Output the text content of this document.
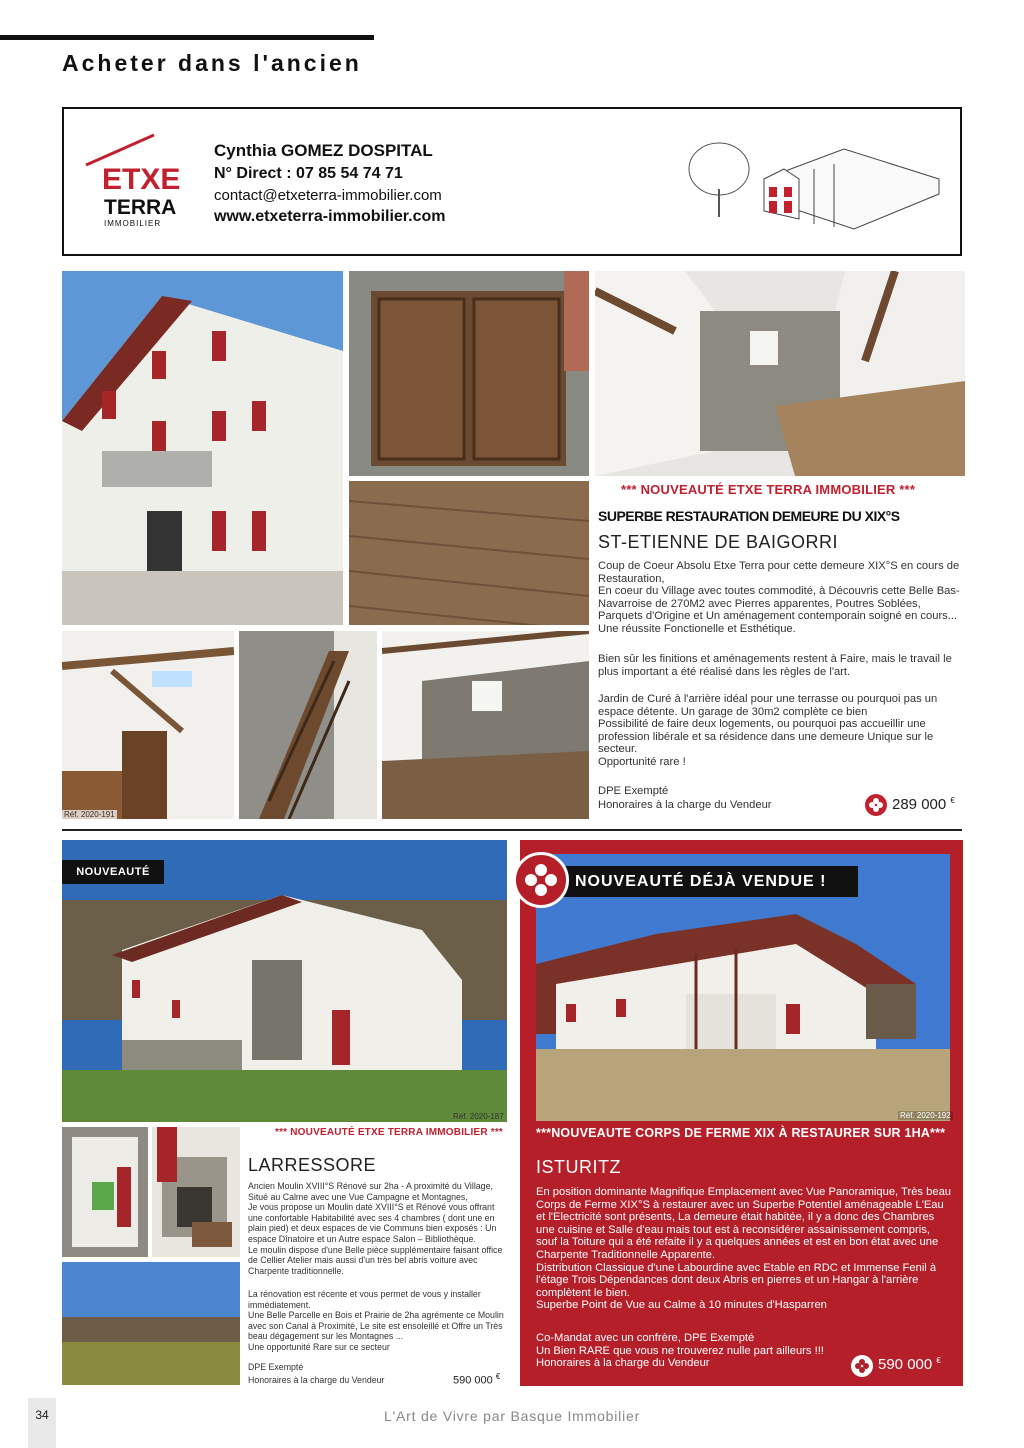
Acheter dans l'ancien
ETXE
TERRA
IMMOBILIER
Cynthia GOMEZ DOSPITAL
N° Direct : 07 85 54 74 71
contact@etxeterra-immobilier.com
www.etxeterra-immobilier.com
Réf. 2020-191
*** NOUVEAUTÉ ETXE TERRA IMMOBILIER ***
SUPERBE RESTAURATION DEMEURE DU XIX°S
ST-ETIENNE DE BAIGORRI
Coup de Coeur Absolu Etxe Terra pour cette demeure XIX°S en cours de Restauration,
En coeur du Village avec toutes commodité, à Découvris cette Belle Bas-Navarroise de 270M2 avec Pierres apparentes, Poutres Soblées, Parquets d'Origine et Un aménagement contemporain soigné en cours... Une réussite Fonctionelle et Esthétique.
Bien sûr les finitions et aménagements restent à Faire, mais le travail le plus important a été réalisé dans les règles de l'art.
Jardin de Curé à l'arrière idéal pour une terrasse ou pourquoi pas un espace détente. Un garage de 30m2 complète ce bien
Possibilité de faire deux logements, ou pourquoi pas accueillir une profession libérale et sa résidence dans une demeure Unique sur le secteur.
Opportunité rare !
DPE Exempté
Honoraires à la charge du Vendeur	289 000 €
NOUVEAUTÉ
Réf. 2020-187
*** NOUVEAUTÉ ETXE TERRA IMMOBILIER ***
LARRESSORE
Ancien Moulin XVIII°S Rénové sur 2ha - A proximité du Village, Situé au Calme avec une Vue Campagne et Montagnes,
Je vous propose un Moulin daté XVIII°S et Rénové vous offrant une confortable Habitabilité avec ses 4 chambres ( dont une en plain pied) et deux espaces de vie Communs bien exposés : Un espace Dînatoire et un Autre espace Salon – Bibliothèque.
Le moulin dispose d'une Belle pièce supplémentaire faisant office de Cellier Atelier mais aussi d'un très bel abris voiture avec Charpente traditionnelle.
La rénovation est récente et vous permet de vous y installer immédiatement.
Une Belle Parcelle en Bois et Prairie de 2ha agrémente ce Moulin avec son Canal à Proximité, Le site est ensoleillé et Offre un Très beau dégagement sur les Montagnes ...
Une opportunité Rare sur ce secteur
DPE Exempté
Honoraires à la charge du Vendeur	590 000 €
NOUVEAUTÉ DÉJÀ VENDUE !
Réf. 2020-192
***NOUVEAUTE CORPS DE FERME XIX À RESTAURER SUR 1HA***
ISTURITZ
En position dominante Magnifique Emplacement avec Vue Panoramique, Très beau Corps de Ferme XIX°S à restaurer avec un Superbe Potentiel aménageable L'Eau et l'Electricité sont présents, La demeure était habitée, il y a donc des Chambres une cuisine et Salle d'eau mais tout est à reconsidérer assainissement compris, souf la Toiture qui a été refaite il y a quelques années et est en bon état avec une Charpente Traditionnelle Apparente.
Distribution Classique d'une Labourdine avec Etable en RDC et Immense Fenil à l'étage Trois Dépendances dont deux Abris en pierres et un Hangar à l'arrière complètent le bien.
Superbe Point de Vue au Calme à 10 minutes d'Hasparren
Co-Mandat avec un confrère, DPE Exempté
Un Bien RARE que vous ne trouverez nulle part ailleurs !!!
Honoraires à la charge du Vendeur	590 000 €
34	L'Art de Vivre par Basque Immobilier
